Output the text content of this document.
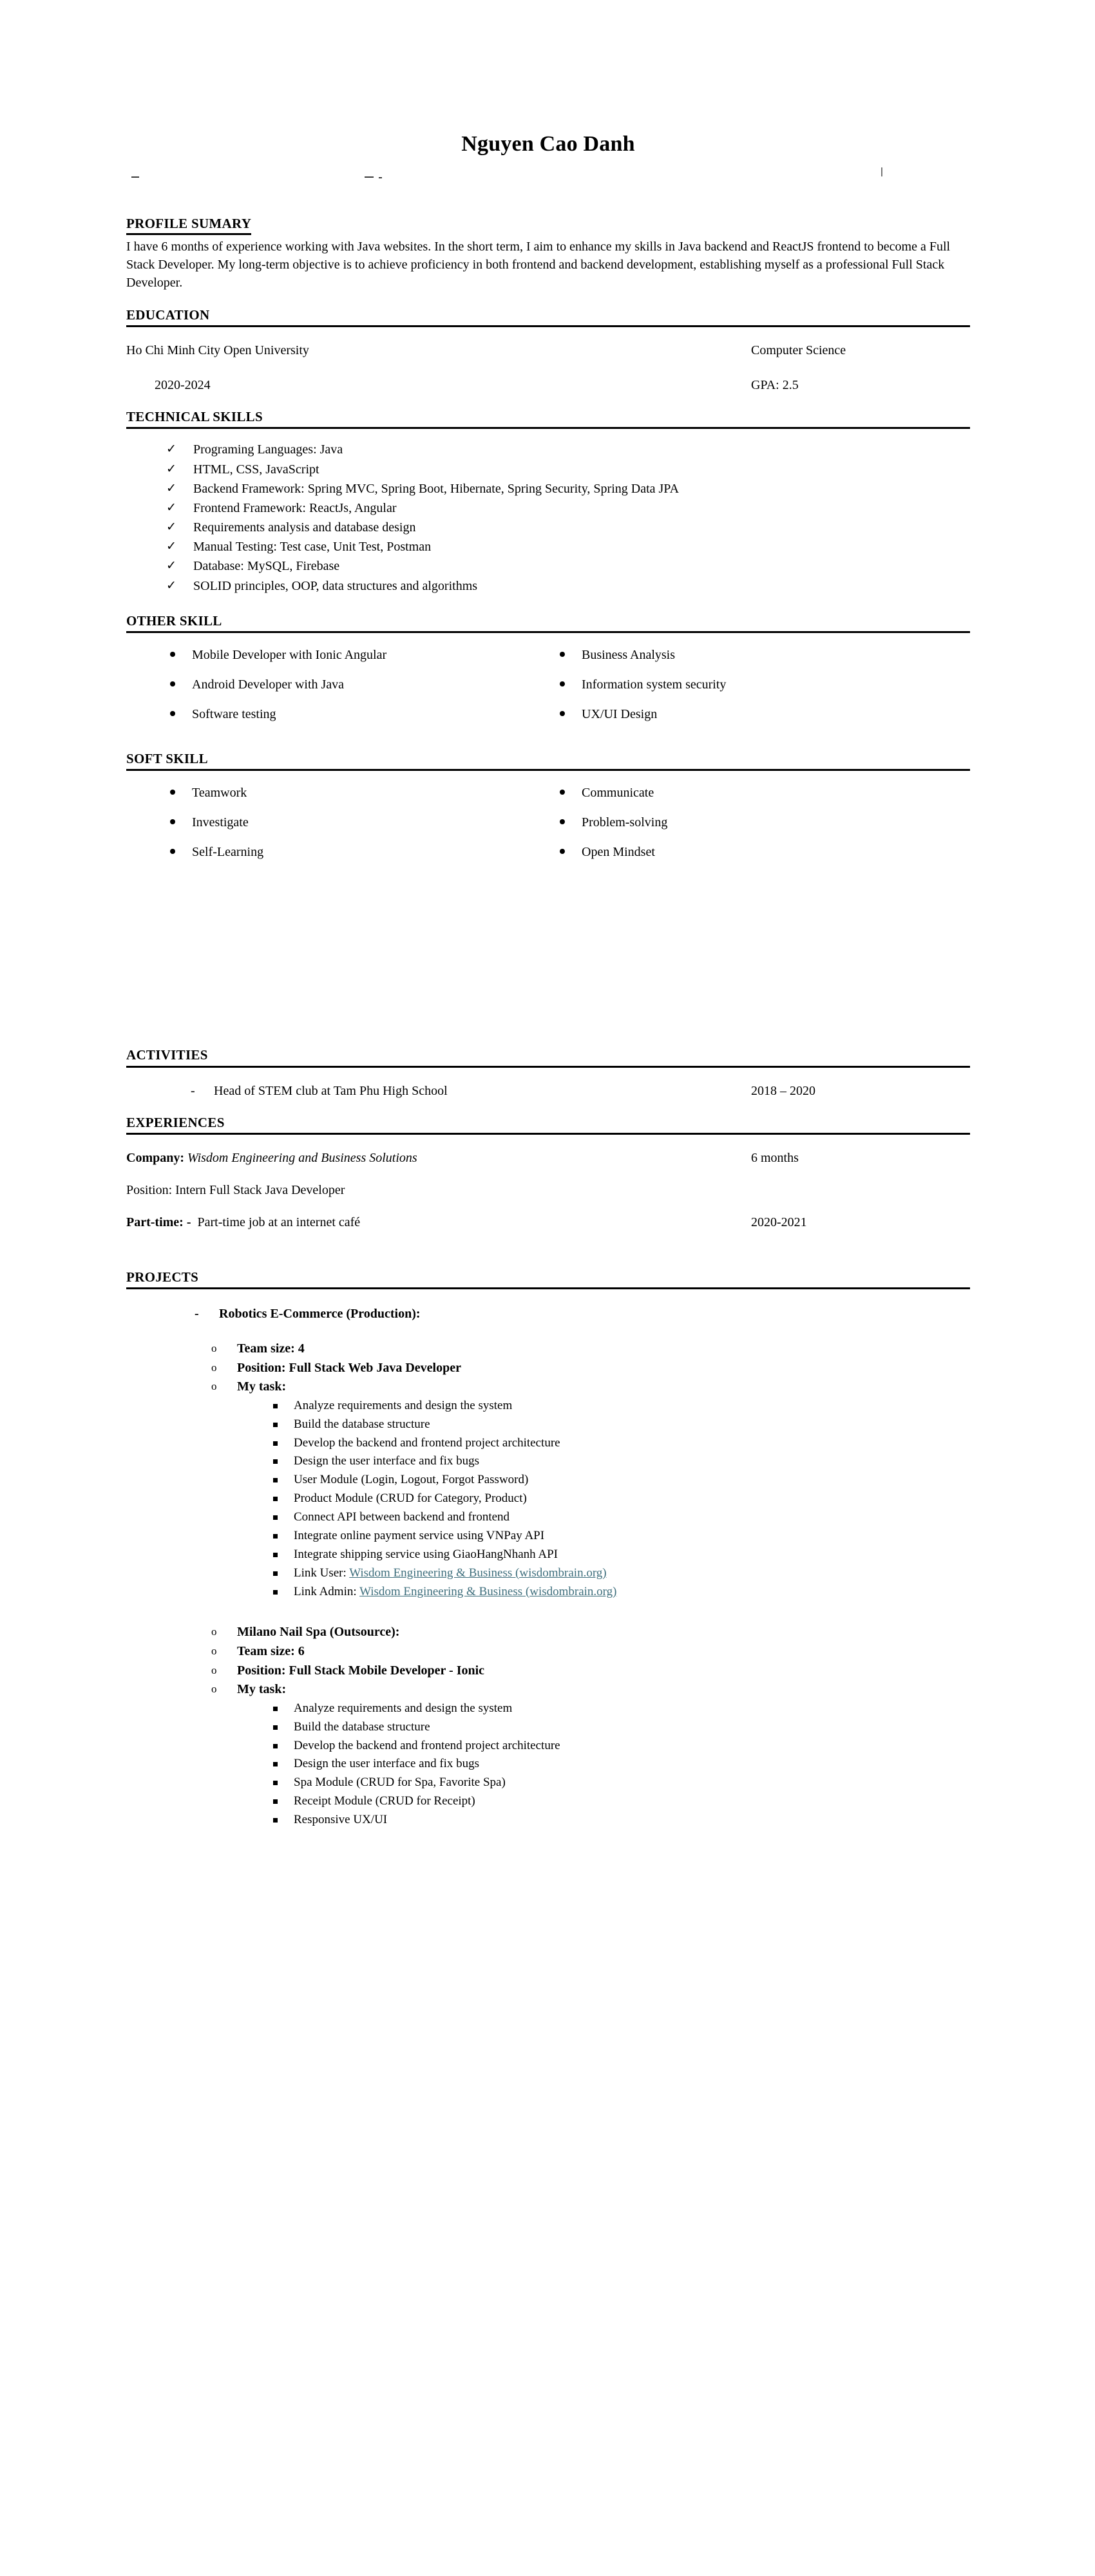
Nguyen Cao Danh
PROFILE SUMARY

I have 6 months of experience working with Java websites. In the short term, I aim to enhance my skills in Java backend and ReactJS frontend to become a Full Stack Developer. My long-term objective is to achieve proficiency in both frontend and backend development, establishing myself as a professional Full Stack Developer.

EDUCATION
Ho Chi Minh City Open University	Computer Science
2020-2024	GPA: 2.5
TECHNICAL SKILLS
✓ Programing Languages: Java
✓ HTML, CSS, JavaScript
✓ Backend Framework: Spring MVC, Spring Boot, Hibernate, Spring Security, Spring Data JPA
✓ Frontend Framework: ReactJs, Angular
✓ Requirements analysis and database design
✓ Manual Testing: Test case, Unit Test, Postman
✓ Database: MySQL, Firebase
✓ SOLID principles, OOP, data structures and algorithms
OTHER SKILL
Mobile Developer with Ionic Angular
Android Developer with Java
Software testing
Business Analysis
Information system security
UX/UI Design
SOFT SKILL
Teamwork
Investigate
Self-Learning
Communicate
Problem-solving
Open Mindset
ACTIVITIES
-	Head of STEM club at Tam Phu High School	2018 – 2020
EXPERIENCES
Company: Wisdom Engineering and Business Solutions	6 months
Position: Intern Full Stack Java Developer
Part-time: - Part-time job at an internet café	2020-2021
PROJECTS
- Robotics E-Commerce (Production):
o Team size: 4
o Position: Full Stack Web Java Developer
o My task:
Analyze requirements and design the system
Build the database structure
Develop the backend and frontend project architecture
Design the user interface and fix bugs
User Module (Login, Logout, Forgot Password)
Product Module (CRUD for Category, Product)
Connect API between backend and frontend
Integrate online payment service using VNPay API
Integrate shipping service using GiaoHangNhanh API
Link User: Wisdom Engineering & Business (wisdombrain.org)
Link Admin: Wisdom Engineering & Business (wisdombrain.org)
o Milano Nail Spa (Outsource):
o Team size: 6
o Position: Full Stack Mobile Developer - Ionic
o My task:
Analyze requirements and design the system
Build the database structure
Develop the backend and frontend project architecture
Design the user interface and fix bugs
Spa Module (CRUD for Spa, Favorite Spa)
Receipt Module (CRUD for Receipt)
Responsive UX/UI
